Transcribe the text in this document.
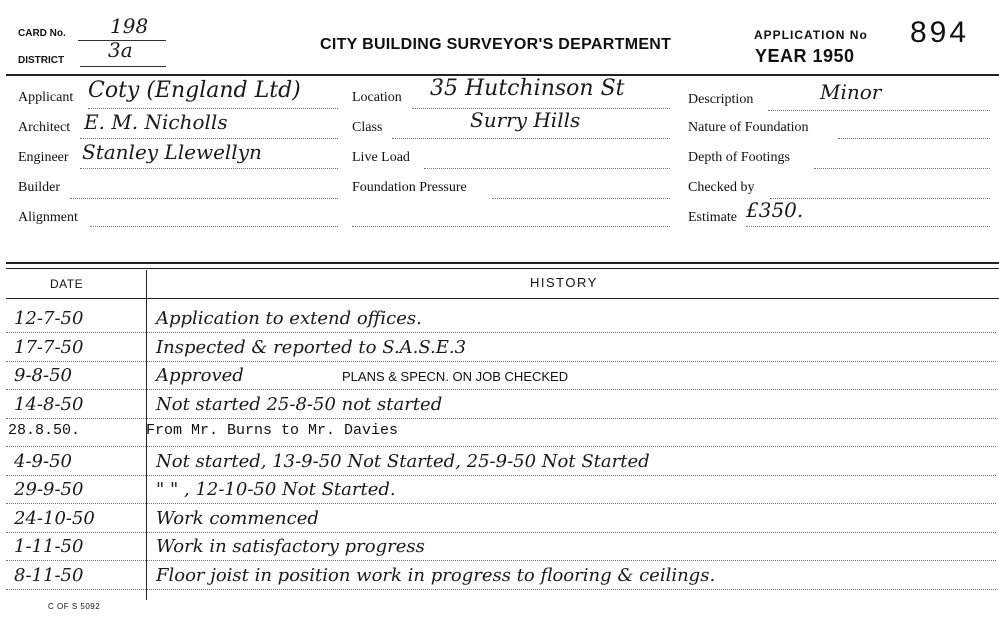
CARD No. 198
DISTRICT 3a	CITY BUILDING SURVEYOR'S DEPARTMENT
APPLICATION No 894
YEAR 1950
Applicant Coty (England Ltd)
Architect E. M. Nicholls
Engineer Stanley Llewellyn
Builder
Alignment
Location 35 Hutchinson St
Class	Surry Hills
Live Load
Foundation Pressure
Description	Minor
Nature of Foundation
Depth of Footings
Checked by
Estimate £350.
DATE	HISTORY
12-7-50	Application to extend offices.
17-7-50	Inspected & reported to S.A.S.E.3
9-8-50	Approved	PLANS & SPECN. ON JOB CHECKED
14-8-50	Not started 25-8-50 not started
28.8.50.	From Mr. Burns to Mr. Davies
4-9-50	Not started, 13-9-50 Not Started, 25-9-50 Not Started
29-9-50	" " , 12-10-50 Not Started.
24-10-50	Work commenced
1-11-50	Work in satisfactory progress
8-11-50	Floor joist in position work in progress to flooring & ceilings.
C OF S 5092
